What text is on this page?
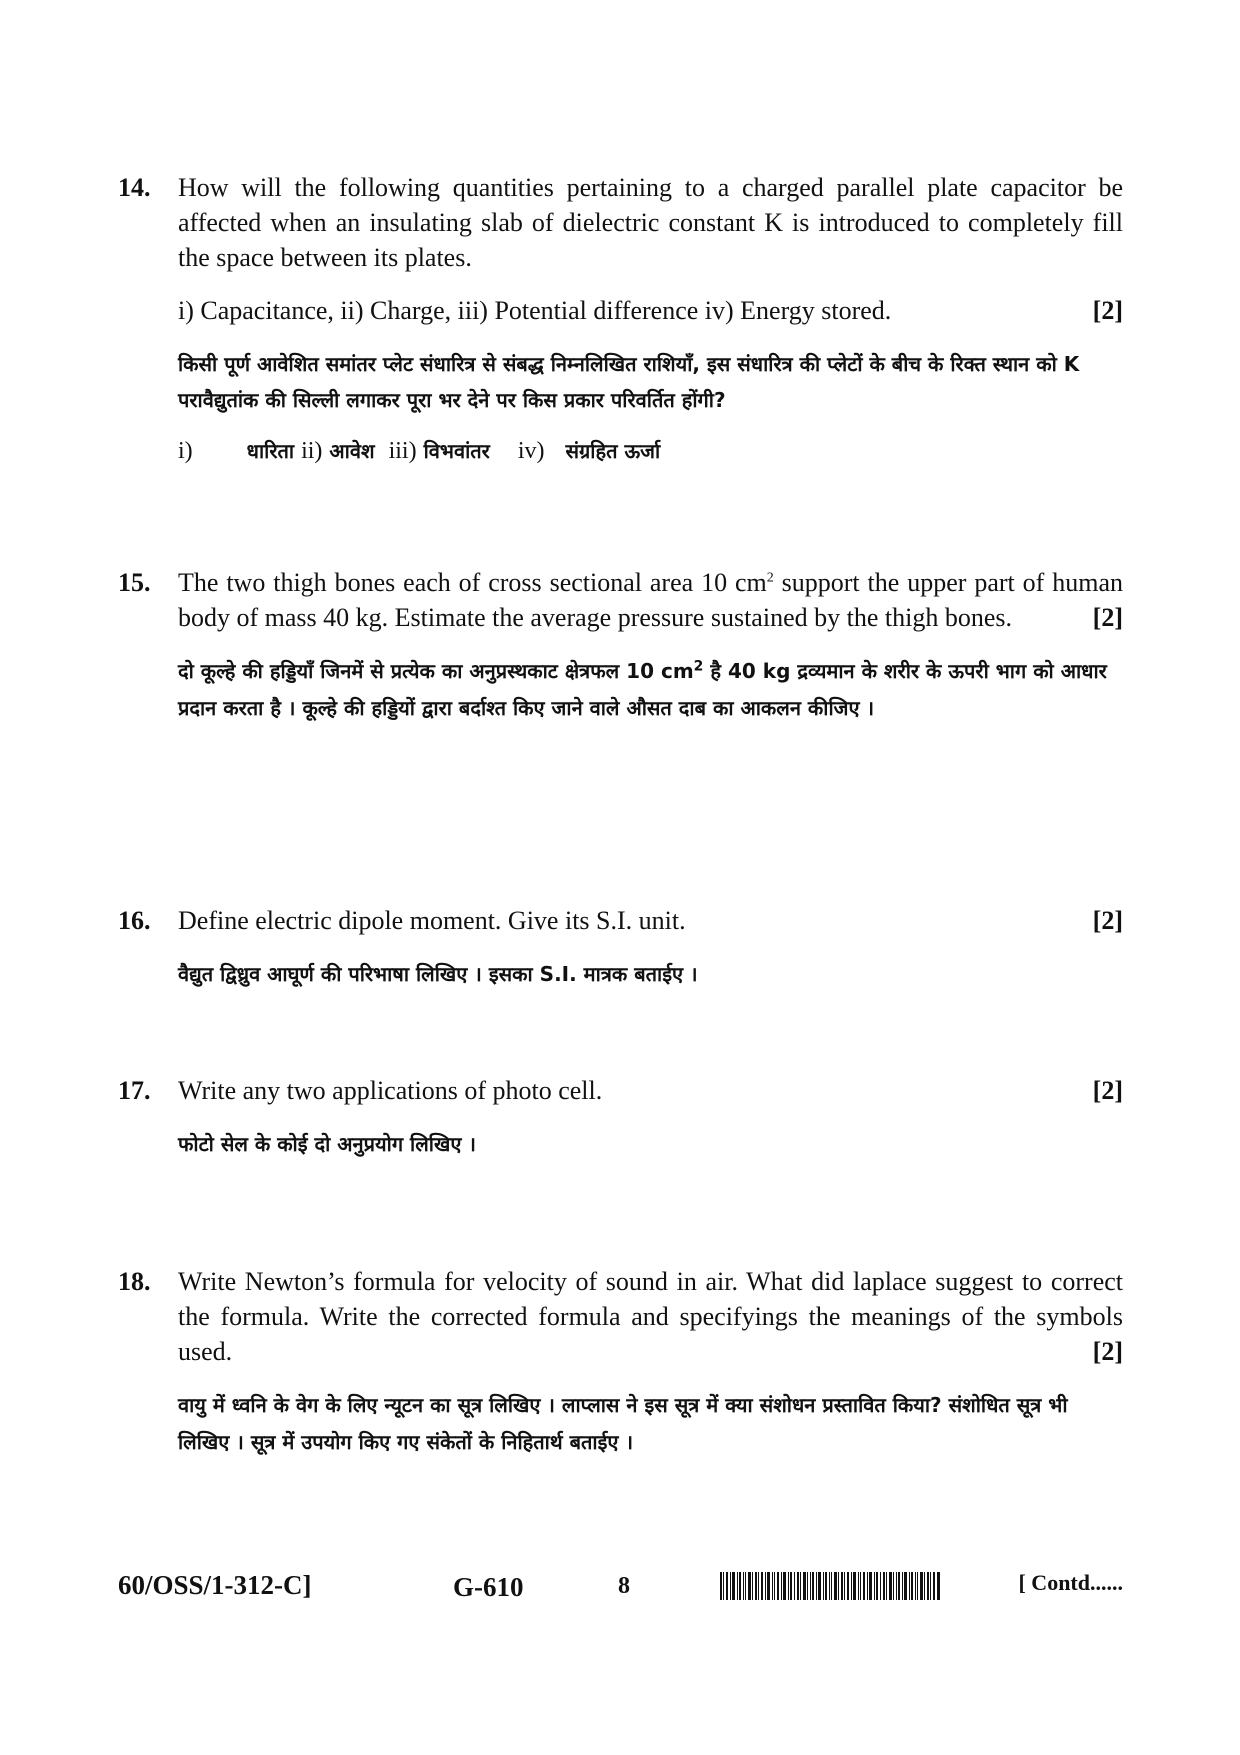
14. How will the following quantities pertaining to a charged parallel plate capacitor be affected when an insulating slab of dielectric constant K is introduced to completely fill the space between its plates.

[2]

i) Capacitance, ii) Charge, iii) Potential difference iv) Energy stored.

किसी पूर्ण आवेशित समांतर प्लेट संधारित्र से संबद्ध निम्नलिखित राशियाँ, इस संधारित्र की प्लेटों के बीच के रिक्त स्थान को K परावैद्युतांक की सिल्ली लगाकर पूरा भर देने पर किस प्रकार परिवर्तित होंगी?

i)	धारिता ii) आवेश iii) विभवांतर iv) संग्रहित ऊर्जा

15. The two thigh bones each of cross sectional area 10 $cm^2$ support the upper part of human body of mass 40 kg. Estimate the average pressure sustained by the thigh bones.	[2]

दो कूल्हे की हड्डियाँ जिनमें से प्रत्येक का अनुप्रस्थकाट क्षेत्रफल 10 $cm^2$ है 40 kg द्रव्यमान के शरीर के ऊपरी भाग को आधार प्रदान करता है । कूल्हे की हड्डियों द्वारा बर्दाश्त किए जाने वाले औसत दाब का आकलन कीजिए ।

16.	[2]

Define electric dipole moment. Give its S.I. unit.

वैद्युत द्विध्रुव आघूर्ण की परिभाषा लिखिए । इसका S.I. मात्रक बताईए ।

17.	[2]

Write any two applications of photo cell.

फोटो सेल के कोई दो अनुप्रयोग लिखिए ।

18. Write Newton’s formula for velocity of sound in air. What did laplace suggest to correct the formula. Write the corrected formula and specifyings the meanings of the symbols used.	[2]

वायु में ध्वनि के वेग के लिए न्यूटन का सूत्र लिखिए । लाप्लास ने इस सूत्र में क्या संशोधन प्रस्तावित किया? संशोधित सूत्र भी लिखिए । सूत्र में उपयोग किए गए संकेतों के निहितार्थ बताईए ।

60/OSS/1-312-C]	G-610	8	[ Contd......
